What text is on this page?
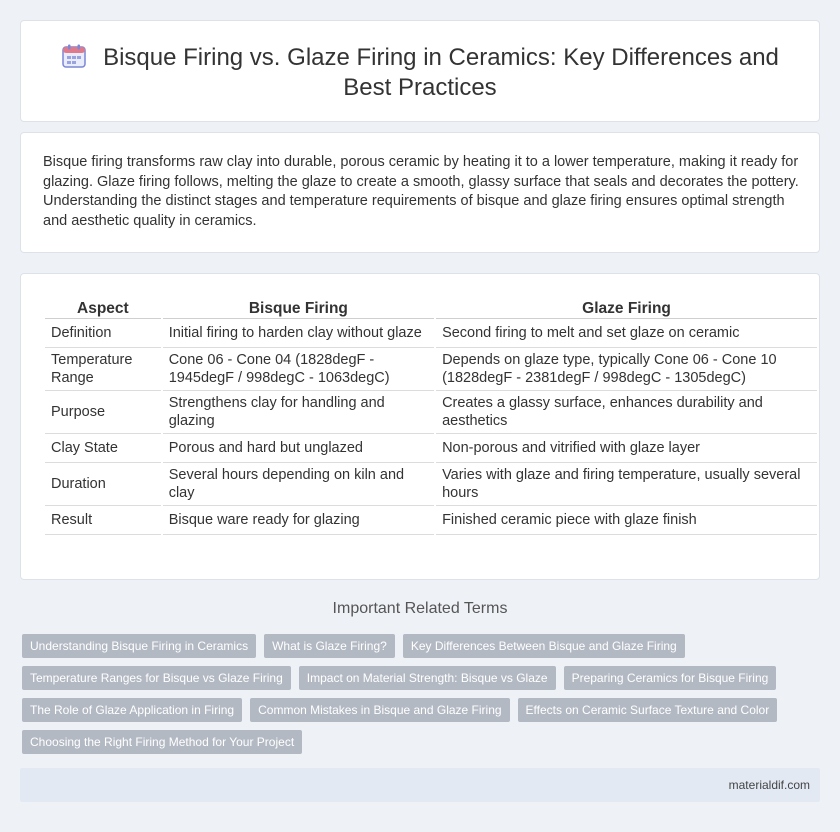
Bisque Firing vs. Glaze Firing in Ceramics: Key Differences and Best Practices

Bisque firing transforms raw clay into durable, porous ceramic by heating it to a lower temperature, making it ready for glazing. Glaze firing follows, melting the glaze to create a smooth, glassy surface that seals and decorates the pottery. Understanding the distinct stages and temperature requirements of bisque and glaze firing ensures optimal strength and aesthetic quality in ceramics.

Aspect	Bisque Firing	Glaze Firing
Definition	Initial firing to harden clay without glaze	Second firing to melt and set glaze on ceramic
Temperature Range	Cone 06 - Cone 04 (1828degF - 1945degF / 998degC - 1063degC)	Depends on glaze type, typically Cone 06 - Cone 10 (1828degF - 2381degF / 998degC - 1305degC)
Purpose	Strengthens clay for handling and glazing	Creates a glassy surface, enhances durability and aesthetics
Clay State	Porous and hard but unglazed	Non-porous and vitrified with glaze layer
Duration	Several hours depending on kiln and clay	Varies with glaze and firing temperature, usually several hours
Result	Bisque ware ready for glazing	Finished ceramic piece with glaze finish
Important Related Terms
Understanding Bisque Firing in Ceramics	What is Glaze Firing?	Key Differences Between Bisque and Glaze Firing
Temperature Ranges for Bisque vs Glaze Firing	Impact on Material Strength: Bisque vs Glaze	Preparing Ceramics for Bisque Firing
The Role of Glaze Application in Firing	Common Mistakes in Bisque and Glaze Firing	Effects on Ceramic Surface Texture and Color
Choosing the Right Firing Method for Your Project
materialdif.com
